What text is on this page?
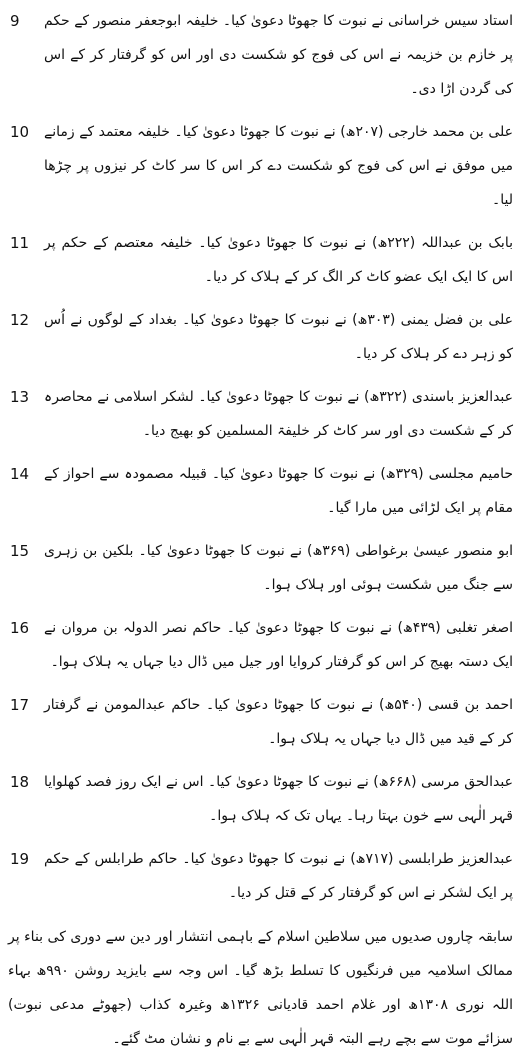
9	استاد سیس خراسانی نے نبوت کا جھوٹا دعویٰ کیا۔ خلیفہ ابوجعفر منصور کے حکم پر خازم بن خزیمہ نے اس کی فوج کو شکست دی اور اس کو گرفتار کر کے اس کی گردن اڑا دی۔
10	علی بن محمد خارجی (۲۰۷ھ) نے نبوت کا جھوٹا دعویٰ کیا۔ خلیفہ معتمد کے زمانے میں موفق نے اس کی فوج کو شکست دے کر اس کا سر کاٹ کر نیزوں پر چڑھا لیا۔
11	بابک بن عبداللہ (۲۲۲ھ) نے نبوت کا جھوٹا دعویٰ کیا۔ خلیفہ معتصم کے حکم پر اس کا ایک ایک عضو کاٹ کر الگ کر کے ہلاک کر دیا۔
12	علی بن فضل یمنی (۳۰۳ھ) نے نبوت کا جھوٹا دعویٰ کیا۔ بغداد کے لوگوں نے اُس کو زہر دے کر ہلاک کر دیا۔
13	عبدالعزیز باسندی (۳۲۲ھ) نے نبوت کا جھوٹا دعویٰ کیا۔ لشکر اسلامی نے محاصرہ کر کے شکست دی اور سر کاٹ کر خلیفۃ المسلمین کو بھیج دیا۔
14	حامیم مجلسی (۳۲۹ھ) نے نبوت کا جھوٹا دعویٰ کیا۔ قبیلہ مصمودہ سے احواز کے مقام پر ایک لڑائی میں مارا گیا۔
15	ابو منصور عیسیٰ برغواطی (۳۶۹ھ) نے نبوت کا جھوٹا دعویٰ کیا۔ بلکین بن زہری سے جنگ میں شکست ہوئی اور ہلاک ہوا۔
16	اصغر تغلبی (۴۳۹ھ) نے نبوت کا جھوٹا دعویٰ کیا۔ حاکم نصر الدولہ بن مروان نے ایک دستہ بھیج کر اس کو گرفتار کروایا اور جیل میں ڈال دیا جہاں یہ ہلاک ہوا۔
17	احمد بن قسی (۵۴۰ھ) نے نبوت کا جھوٹا دعویٰ کیا۔ حاکم عبدالمومن نے گرفتار کر کے قید میں ڈال دیا جہاں یہ ہلاک ہوا۔
18	عبدالحق مرسی (۶۶۸ھ) نے نبوت کا جھوٹا دعویٰ کیا۔ اس نے ایک روز فصد کھلوایا قہر الٰہی سے خون بہتا رہا۔ یہاں تک کہ ہلاک ہوا۔
19	عبدالعزیز طرابلسی (۷۱۷ھ) نے نبوت کا جھوٹا دعویٰ کیا۔ حاکم طرابلس کے حکم پر ایک لشکر نے اس کو گرفتار کر کے قتل کر دیا۔
سابقہ چاروں صدیوں میں سلاطین اسلام کے باہمی انتشار اور دین سے دوری کی بناء پر ممالک اسلامیہ میں فرنگیوں کا تسلط بڑھ گیا۔ اس وجہ سے بایزید روشن ۹۹۰ھ بہاء اللہ نوری ۱۳۰۸ھ اور غلام احمد قادیانی ۱۳۲۶ھ وغیرہ کذاب (جھوٹے مدعی نبوت) سزائے موت سے بچے رہے البتہ قہر الٰہی سے بے نام و نشان مٹ گئے۔
